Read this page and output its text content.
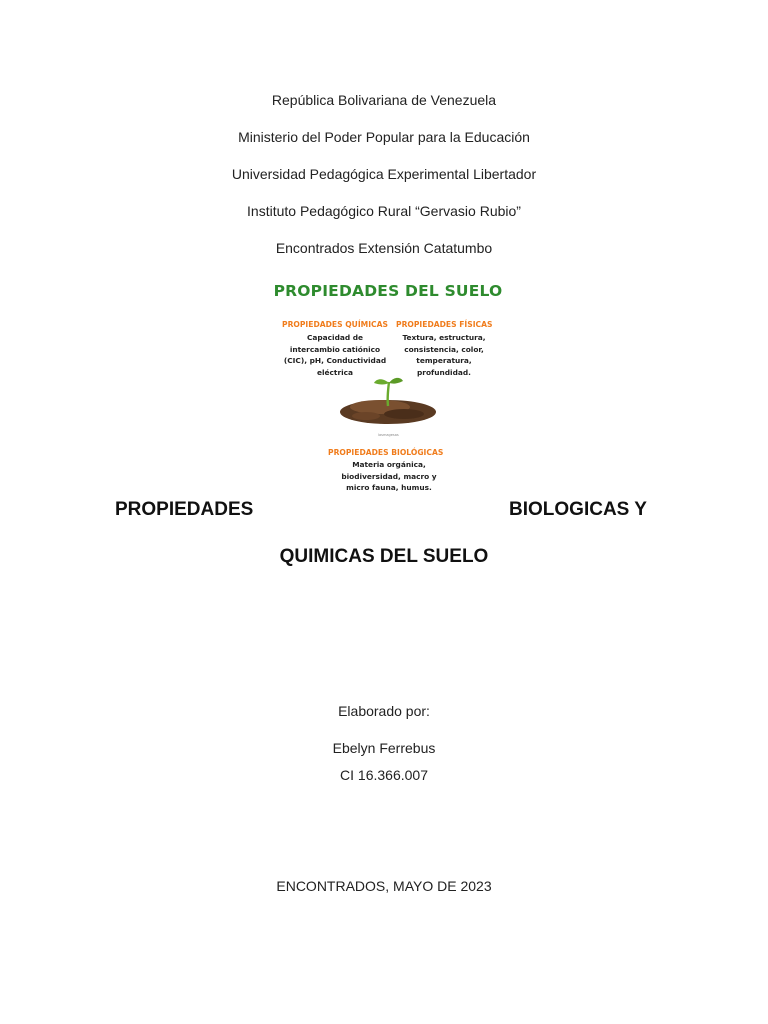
República Bolivariana de Venezuela
Ministerio del Poder Popular para la Educación
Universidad Pedagógica Experimental Libertador
Instituto Pedagógico Rural “Gervasio Rubio”
Encontrados Extensión Catatumbo
PROPIEDADES DEL SUELO
PROPIEDADES QUÍMICAS
Capacidad de
intercambio catiónico
(CIC), pH, Conductividad
eléctrica
PROPIEDADES FÍSICAS
Textura, estructura,
consistencia, color,
temperatura,
profundidad.
lasmagesas
PROPIEDADES BIOLÓGICAS
Materia orgánica,
biodiversidad, macro y
micro fauna, humus.
PROPIEDADES	BIOLOGICAS Y
QUIMICAS DEL SUELO
Elaborado por:
Ebelyn Ferrebus
CI 16.366.007
ENCONTRADOS, MAYO DE 2023
